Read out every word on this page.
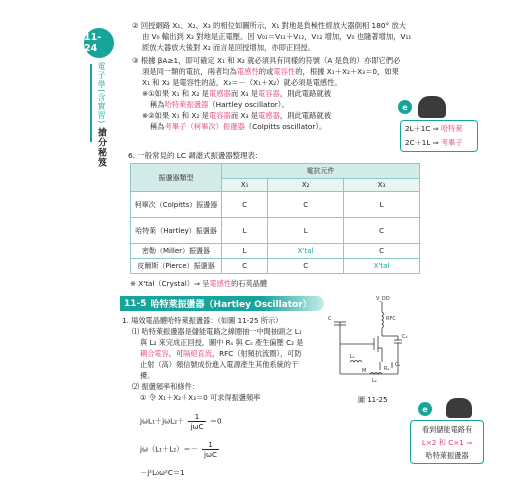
11-24
電子學(含實習) 搶分秘笈
② 回授網路 X₁、X₂、X₃ 的相位如圖所示，X₁ 對地是負極性經放大器倒相 180° 放大
由 V₀ 輸出到 X₂ 對地是正電壓。因 V₀₁＝V₁₁＋V₁₂，V₁₂ 增加，V₀ 也隨著增加，V₁₁
經放大器放大後對 X₂ 而言是回授增加，亦即正回授。
③ 根據 βA≥1，即可確定 X₁ 和 X₂ 就必須具有同樣的符號（A 是負的）亦即它們必
須是同一類的電抗，兩者均為電感性的或電容性的，根據 X₁＋X₂＋X₃＝0，如果
X₁ 和 X₂ 是電容性的話，X₃＝－（X₁＋X₂）就必須是電感性。
※①如果 X₁ 和 X₂ 是電感器而 X₃ 是電容器，則此電路就被
稱為哈特萊振盪器（Hartley oscillator）。
※②如果 X₁ 和 X₂ 是電容器而 X₃ 是電感器，則此電路就被
稱為考畢子（柯畢次）振盪器（Colpitts oscillator）。
e
2L＋1C ⇒ 哈特萊
2C＋1L ⇒ 考畢子
6. 一般常見的 LC 調諧式振盪器整理表：
振盪器類型	電抗元件		
	X₁	X₂	X₃
柯畢次（Colpitts）振盪器	C	C	L
哈特萊（Hartley）振盪器	L	L	C
密勒（Miller）振盪器	L	X'tal	C
皮爾斯（Pierce）振盪器	C	C	X'tal
※ X'tal（Crystal）⇒ 呈電感性的石英晶體
11-5 哈特萊振盪器（Hartley Oscillator）
1. 場效電晶體哈特萊振盪器：（如圖 11-25 所示）
⑴ 哈特萊振盪器是儲能電路之線圈抽一中間抽頭之 L₁
與 L₂ 來完成正回授，圖中 Rₛ 與 Cₛ 產生偏壓 C₂ 是
耦合電容，可隔絕直流，RFC（射頻抗流圈），可防
止射（高）頻信號成份進入電源產生其他系統的干
擾。
⑵ 振盪頻率和條件：
① 令 X₁＋X₂＋X₃＝0 可求得振盪頻率
$j\omega L_1+j\omega L_2+ \frac{1}{\text{jωC}} =0$
$j\omega(L_1+L_2)=- \frac{1}{\text{jωC}}$
－j²L₀ω²C＝1
V_DD
RFC
C₂
C
L₁
L₂
Rₛ
Cₛ
M
圖 11-25
e
看到儲能電路有
L×2 和 C×1 ⇒
哈特萊振盪器
